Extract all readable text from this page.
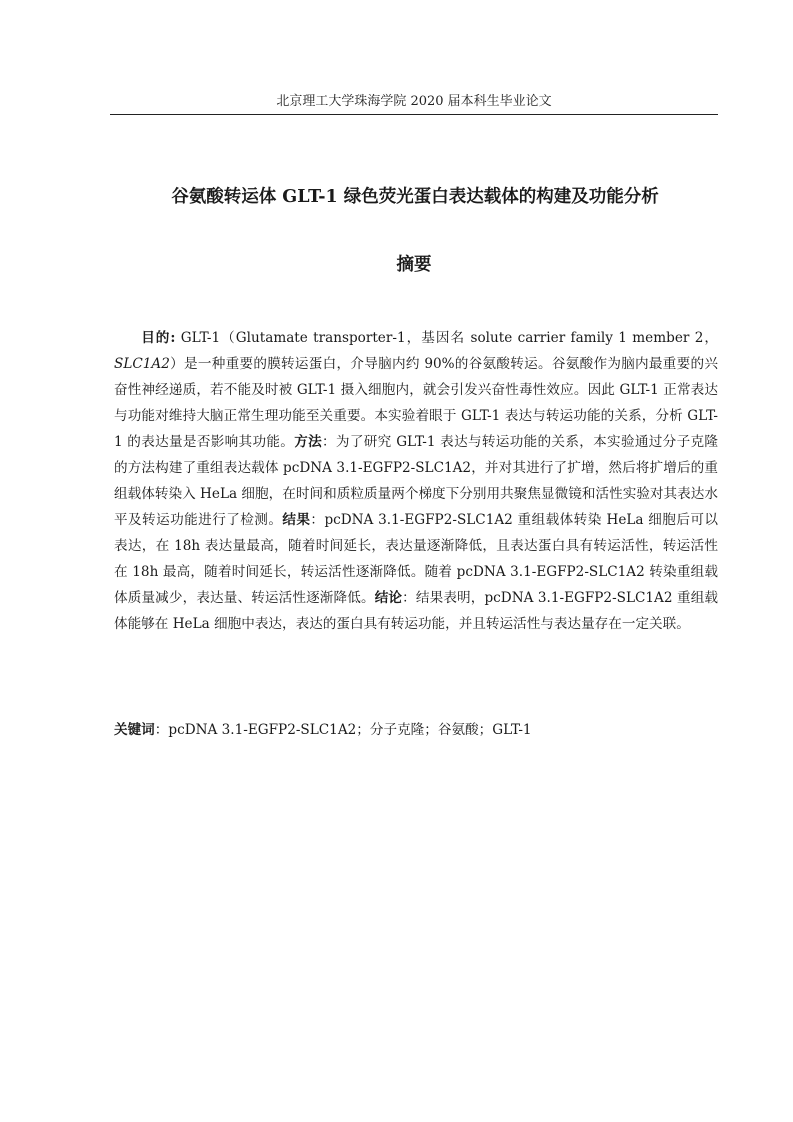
北京理工大学珠海学院 2020 届本科生毕业论文
谷氨酸转运体 GLT-1 绿色荧光蛋白表达载体的构建及功能分析
摘要

目的: GLT-1（Glutamate transporter-1，基因名 solute carrier family 1 member 2，SLC1A2）是一种重要的膜转运蛋白，介导脑内约 90%的谷氨酸转运。谷氨酸作为脑内最重要的兴奋性神经递质，若不能及时被 GLT-1 摄入细胞内，就会引发兴奋性毒性效应。因此 GLT-1 正常表达与功能对维持大脑正常生理功能至关重要。本实验着眼于 GLT-1 表达与转运功能的关系，分析 GLT-1 的表达量是否影响其功能。方法：为了研究 GLT-1 表达与转运功能的关系，本实验通过分子克隆的方法构建了重组表达载体 pcDNA 3.1-EGFP2-SLC1A2，并对其进行了扩增，然后将扩增后的重组载体转染入 HeLa 细胞，在时间和质粒质量两个梯度下分别用共聚焦显微镜和活性实验对其表达水平及转运功能进行了检测。结果：pcDNA 3.1-EGFP2-SLC1A2 重组载体转染 HeLa 细胞后可以表达，在 18h 表达量最高，随着时间延长，表达量逐渐降低，且表达蛋白具有转运活性，转运活性在 18h 最高，随着时间延长，转运活性逐渐降低。随着 pcDNA 3.1-EGFP2-SLC1A2 转染重组载体质量减少，表达量、转运活性逐渐降低。结论：结果表明，pcDNA 3.1-EGFP2-SLC1A2 重组载体能够在 HeLa 细胞中表达，表达的蛋白具有转运功能，并且转运活性与表达量存在一定关联。

关键词：pcDNA 3.1-EGFP2-SLC1A2；分子克隆；谷氨酸；GLT-1
